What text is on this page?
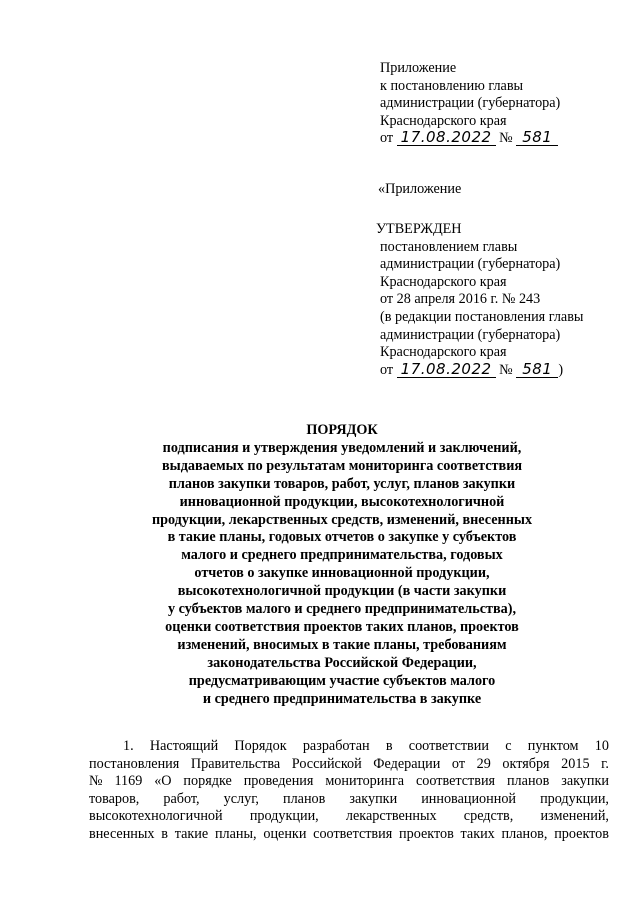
Приложение
к постановлению главы
администрации (губернатора)
Краснодарского края
от 17.08.2022 № 581
«Приложение
УТВЕРЖДЕН
постановлением главы
администрации (губернатора)
Краснодарского края
от 28 апреля 2016 г. № 243
(в редакции постановления главы
администрации (губернатора)
Краснодарского края
от 17.08.2022 № 581 )
ПОРЯДОК
подписания и утверждения уведомлений и заключений,
выдаваемых по результатам мониторинга соответствия
планов закупки товаров, работ, услуг, планов закупки
инновационной продукции, высокотехнологичной
продукции, лекарственных средств, изменений, внесенных
в такие планы, годовых отчетов о закупке у субъектов
малого и среднего предпринимательства, годовых
отчетов о закупке инновационной продукции,
высокотехнологичной продукции (в части закупки
у субъектов малого и среднего предпринимательства),
оценки соответствия проектов таких планов, проектов
изменений, вносимых в такие планы, требованиям
законодательства Российской Федерации,
предусматривающим участие субъектов малого
и среднего предпринимательства в закупке
1. Настоящий Порядок разработан в соответствии с пунктом 10
постановления Правительства Российской Федерации от 29 октября 2015 г.
№ 1169 «О порядке проведения мониторинга соответствия планов закупки
товаров, работ, услуг, планов закупки инновационной продукции,
высокотехнологичной продукции, лекарственных средств, изменений,
внесенных в такие планы, оценки соответствия проектов таких планов, проектов
